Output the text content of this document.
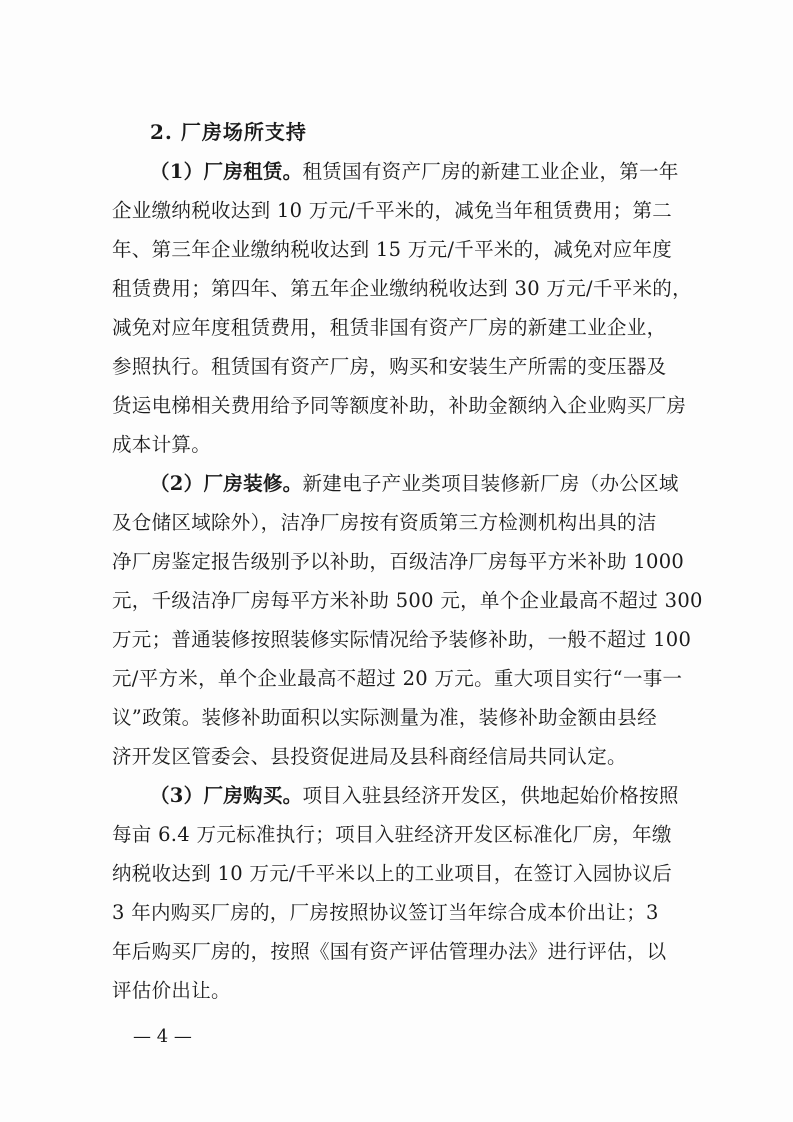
2. 厂房场所支持
（1）厂房租赁。租赁国有资产厂房的新建工业企业，第一年
企业缴纳税收达到 10 万元/千平米的，减免当年租赁费用；第二
年、第三年企业缴纳税收达到 15 万元/千平米的，减免对应年度
租赁费用；第四年、第五年企业缴纳税收达到 30 万元/千平米的，
减免对应年度租赁费用，租赁非国有资产厂房的新建工业企业，
参照执行。租赁国有资产厂房，购买和安装生产所需的变压器及
货运电梯相关费用给予同等额度补助，补助金额纳入企业购买厂房
成本计算。
（2）厂房装修。新建电子产业类项目装修新厂房（办公区域
及仓储区域除外），洁净厂房按有资质第三方检测机构出具的洁
净厂房鉴定报告级别予以补助，百级洁净厂房每平方米补助 1000
元，千级洁净厂房每平方米补助 500 元，单个企业最高不超过 300
万元；普通装修按照装修实际情况给予装修补助，一般不超过 100
元/平方米，单个企业最高不超过 20 万元。重大项目实行“一事一
议”政策。装修补助面积以实际测量为准，装修补助金额由县经
济开发区管委会、县投资促进局及县科商经信局共同认定。
（3）厂房购买。项目入驻县经济开发区，供地起始价格按照
每亩 6.4 万元标准执行；项目入驻经济开发区标准化厂房，年缴
纳税收达到 10 万元/千平米以上的工业项目，在签订入园协议后
3 年内购买厂房的，厂房按照协议签订当年综合成本价出让；3
年后购买厂房的，按照《国有资产评估管理办法》进行评估，以
评估价出让。
— 4 —
